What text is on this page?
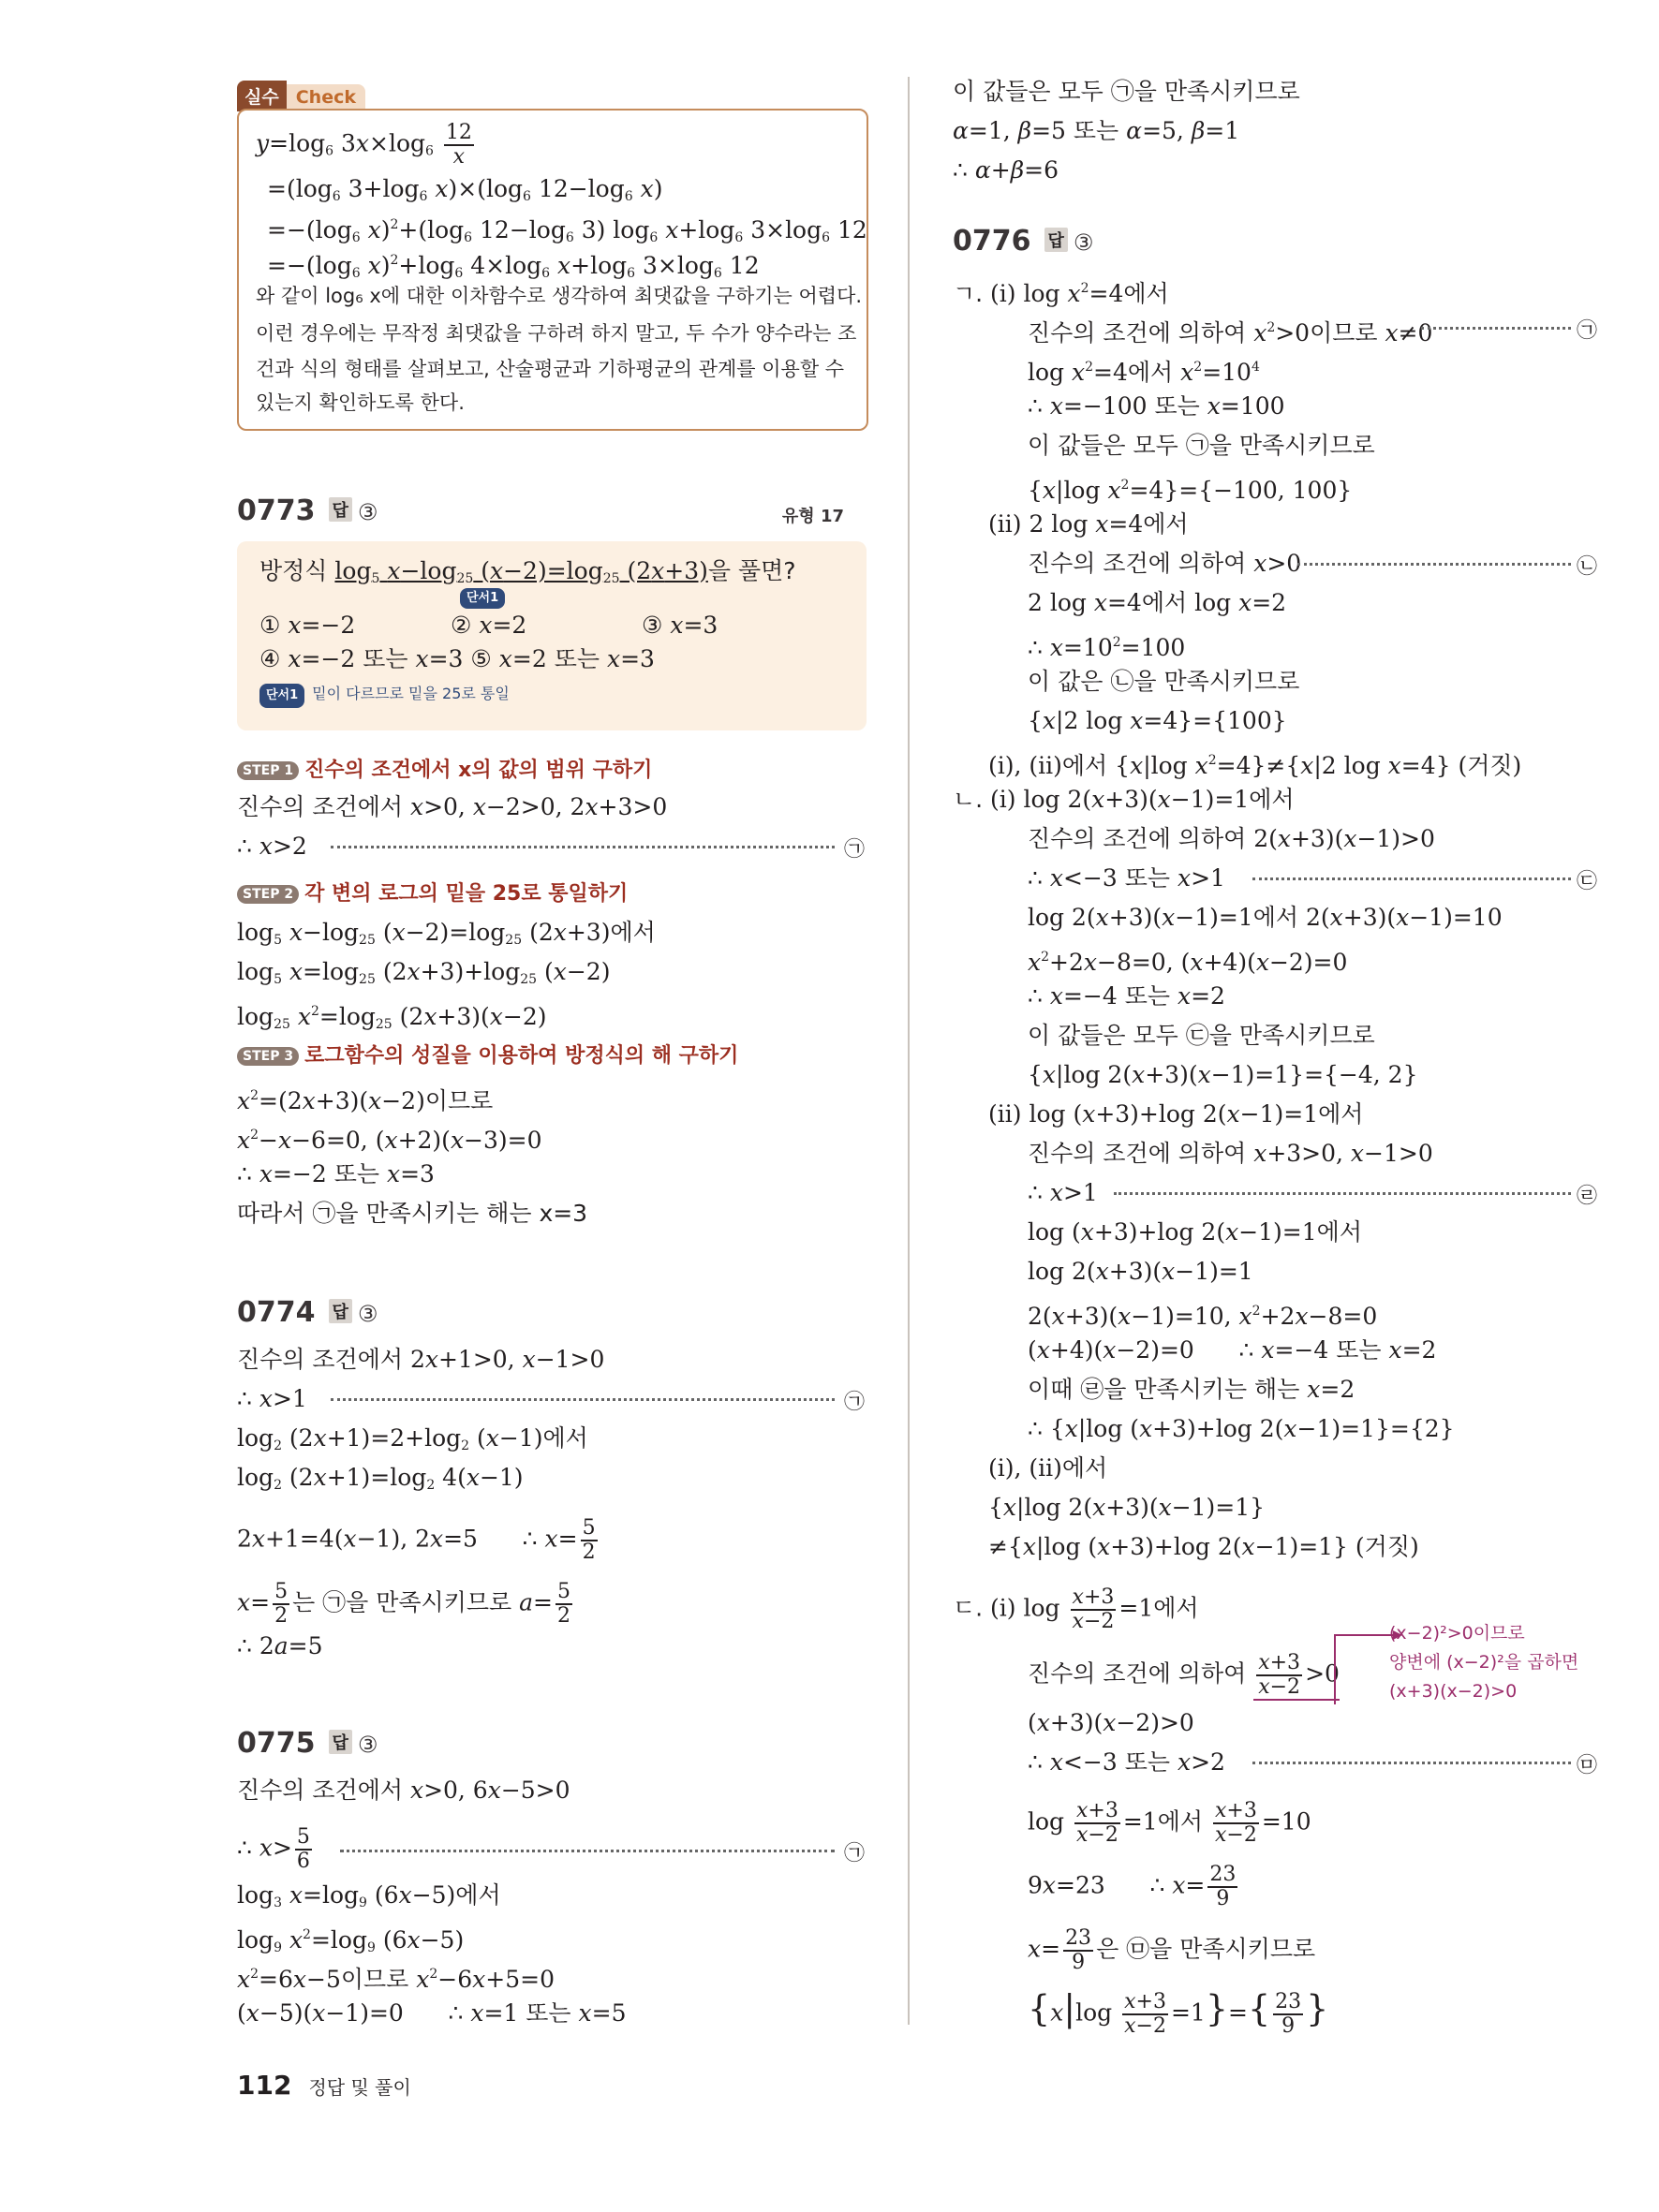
실수 Check
$y=\log_6$ $3x\times\log_6 \frac{12}{x}$
$=(\log_6$ $3+\log_6$ $x)\times(\log_6$ $12-\log_6$ x)
$=-(\log_6$ $x)^2+(\log_6$ $12-\log_6$ 3) $\log_6 x+\log_6$ $3\times\log_6$ 12
$=-(\log_6$ $x)^2+\log_6$ $4\times\log_6$ $x+\log_6$ $3\times\log_6$ 12
와 같이 log₆ x에 대한 이차함수로 생각하여 최댓값을 구하기는 어렵다.
이런 경우에는 무작정 최댓값을 구하려 하지 말고, 두 수가 양수라는 조
건과 식의 형태를 살펴보고, 산술평균과 기하평균의 관계를 이용할 수
있는지 확인하도록 한다.
0773 답 ③	유형 17
방정식 $\log_5 x-\log_{25}$ $(x-2)=\log_{25}$ (2x+3)을 풀면?
단서1
① x=−2	② x=2	③ x=3
④ x=−2 또는 x=3 ⑤ x=2 또는 x=3
단서1 밑이 다르므로 밑을 25로 통일
STEP 1 진수의 조건에서 x의 값의 범위 구하기
진수의 조건에서 x>0, x−2>0, 2x+3>0
∴ x>2	㉠
STEP 2 각 변의 로그의 밑을 25로 통일하기
$\log_5 x-\log_{25}$ $(x-2)=\log_{25}$ (2x+3)에서
$\log_5 x=\log_{25}$ $(2x+3)+\log_{25}$ (x−2)
$\log_{25} x^2=\log_{25}$ (2x+3)(x−2)
STEP 3 로그함수의 성질을 이용하여 방정식의 해 구하기
$x^2=(2x+3)(x-2)$이므로
$x^2-x-6=0$, (x+2)(x−3)=0
∴ x=−2 또는 x=3
따라서 ㉠을 만족시키는 해는 x=3
0774 답 ③
진수의 조건에서 2x+1>0, x−1>0
∴ x>1	㉠
$\log_2 (2x+1)=2+\log_2$ (x−1)에서
$\log_2 (2x+1)=\log_2$ 4(x−1)
2x+1=4(x−1), 2x=5      ∴ $x= \frac{5}{2}$
$x= \frac{5}{2}$ 는 ㉠을 만족시키므로 $a= \frac{5}{2}$
∴ 2a=5
0775 답 ③
진수의 조건에서 x>0, 6x−5>0
∴ $x> \frac{5}{6}$	㉠
$\log_3 x=\log_9$ (6x−5)에서
$\log_9 x^2=\log_9$ (6x−5)
$x^2=6x-5$이므로 $x^2-6x+5=0$
(x−5)(x−1)=0      ∴ x=1 또는 x=5
이 값들은 모두 ㉠을 만족시키므로
α=1, β=5 또는 α=5, β=1
∴ α+β=6
0776 답 ③
ㄱ. (ⅰ) $\log x^2=4$에서
진수의 조건에 의하여 $x^2>0$이므로 x≠0	㉠
$\log x^2=4$에서 $x^2=10^4$
∴ x=−100 또는 x=100
이 값들은 모두 ㉠을 만족시키므로
{x|log $x^2=4\}=\{-100$, 100}
(ⅱ) 2 log x=4에서
진수의 조건에 의하여 x>0	㉡
2 log x=4에서 log x=2
∴ $x=10^2=100$
이 값은 ㉡을 만족시키므로
{x|2 log x=4}={100}
(ⅰ), (ⅱ)에서 {x|log $x^2=4\}\ne\{x|2$ log x=4} (거짓)
ㄴ. (ⅰ) log 2(x+3)(x−1)=1에서
진수의 조건에 의하여 2(x+3)(x−1)>0
∴ x<−3 또는 x>1	㉢
log 2(x+3)(x−1)=1에서 2(x+3)(x−1)=10
$x^2+2x-8=0$, (x+4)(x−2)=0
∴ x=−4 또는 x=2
이 값들은 모두 ㉢을 만족시키므로
{x|log 2(x+3)(x−1)=1}={−4, 2}
(ⅱ) log (x+3)+log 2(x−1)=1에서
진수의 조건에 의하여 x+3>0, x−1>0
∴ x>1	㉣
log (x+3)+log 2(x−1)=1에서
log 2(x+3)(x−1)=1
2(x+3)(x−1)=10, $x^2+2x-8=0$
(x+4)(x−2)=0      ∴ x=−4 또는 x=2
이때 ㉣을 만족시키는 해는 x=2
∴ {x|log (x+3)+log 2(x−1)=1}={2}
(ⅰ), (ⅱ)에서
{x|log 2(x+3)(x−1)=1}
≠{x|log (x+3)+log 2(x−1)=1} (거짓)
ㄷ. (ⅰ) $\log \frac{x+3}{x-2} =1$에서
진수의 조건에 의하여 $\frac{x+3}{x-2} >0$
(x−2)²>0이므로
양변에 (x−2)²을 곱하면
(x+3)(x−2)>0
(x+3)(x−2)>0
∴ x<−3 또는 x>2	㉤
$\log \frac{x+3}{x-2} =1$에서 $\frac{x+3}{x-2} =10$
9x=23      ∴ $x= \frac{23}{9}$
$x= \frac{23}{9}$ 은 ㉤을 만족시키므로
$\{x|\log \frac{x+3}{x-2} =1\}=\{ \frac{23}{9}$ }
112 정답 및 풀이
